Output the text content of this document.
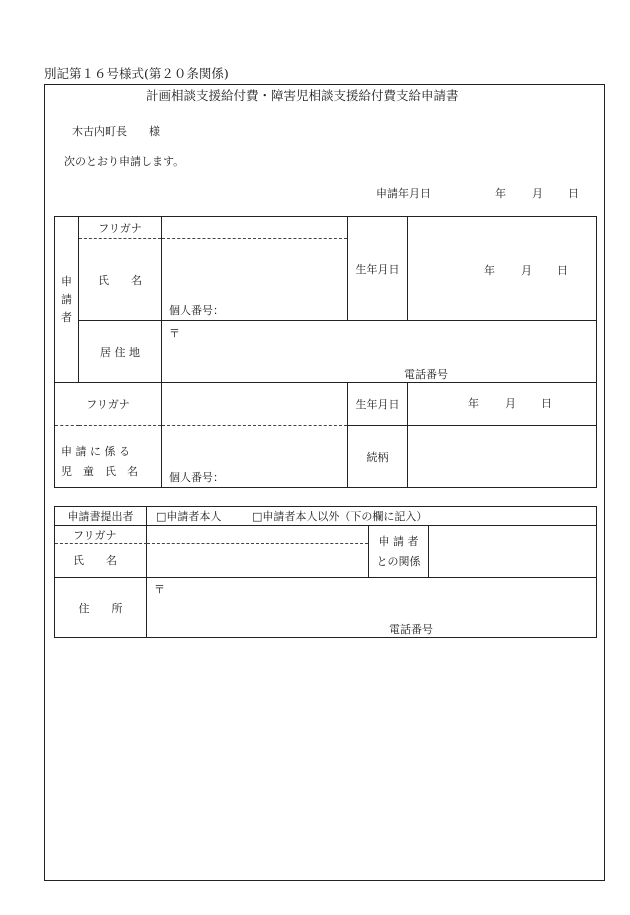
別記第１６号様式(第２０条関係)
計画相談支援給付費・障害児相談支援給付費支給申請書
木古内町長　　様
次のとおり申請します。
申請年月日	年 月 日
申
請
者	フリガナ		生年月日	年 月 日

	氏　　名	個人番号：		

	居 住 地	〒
電話番号		

フリガナ			生年月日	年 月 日

申 請 に 係 る
児　童　氏　名		個人番号：	続柄	
申請書提出者	□申請者本人 □申請者本人以外（下の欄に記入）		

フリガナ
氏　　名		申 請 者
との関係	
住　　所	〒
電話番号		
